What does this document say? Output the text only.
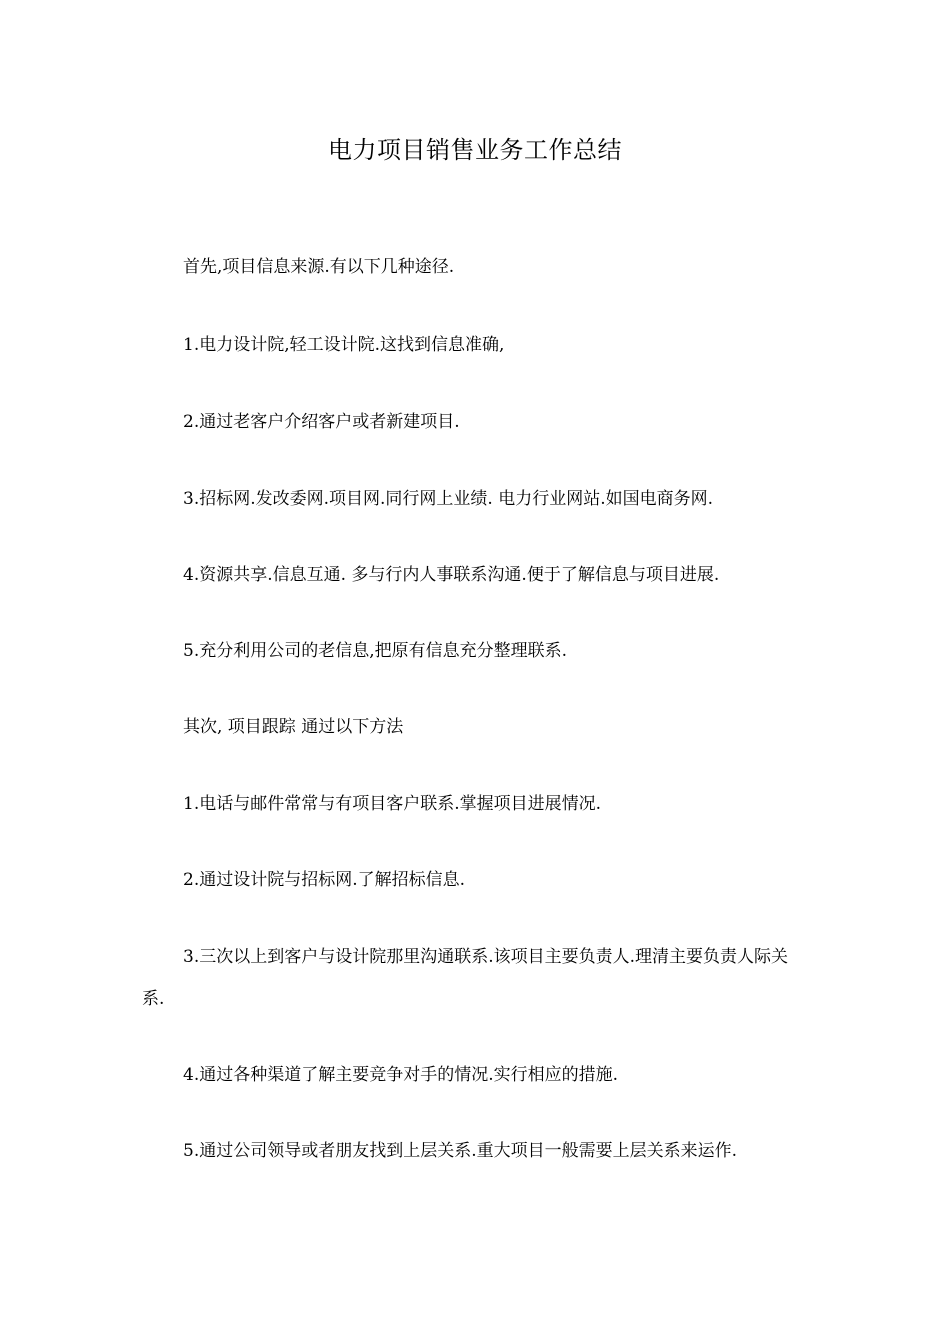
电力项目销售业务工作总结

首先,项目信息来源.有以下几种途径.

1.电力设计院,轻工设计院.这找到信息准确,

2.通过老客户介绍客户或者新建项目.

3.招标网.发改委网.项目网.同行网上业绩. 电力行业网站.如国电商务网.

4.资源共享.信息互通. 多与行内人事联系沟通.便于了解信息与项目进展.

5.充分利用公司的老信息,把原有信息充分整理联系.

其次, 项目跟踪 通过以下方法

1.电话与邮件常常与有项目客户联系.掌握项目进展情况.

2.通过设计院与招标网.了解招标信息.

3.三次以上到客户与设计院那里沟通联系.该项目主要负责人.理清主要负责人际关系.

4.通过各种渠道了解主要竞争对手的情况.实行相应的措施.

5.通过公司领导或者朋友找到上层关系.重大项目一般需要上层关系来运作.
